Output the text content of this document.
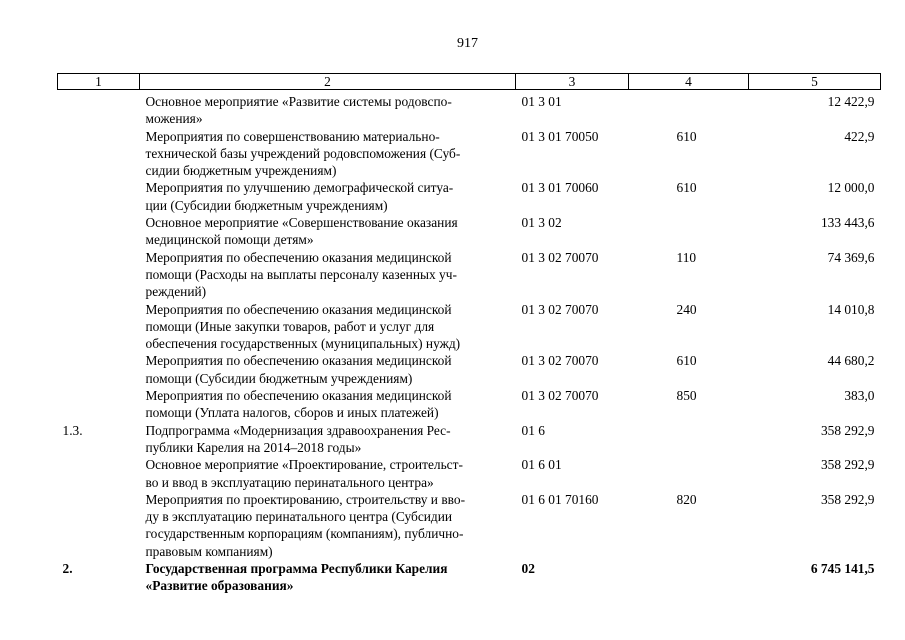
917
1	2	3	4	5
	Основное мероприятие «Развитие системы родовспо-
можения»	01 3 01		12 422,9
	Мероприятия по совершенствованию материально-
технической базы учреждений родовспоможения (Суб-
сидии бюджетным учреждениям)	01 3 01 70050	610	422,9
	Мероприятия по улучшению демографической ситуа-
ции (Субсидии бюджетным учреждениям)	01 3 01 70060	610	12 000,0
	Основное мероприятие «Совершенствование оказания
медицинской помощи детям»	01 3 02		133 443,6
	Мероприятия по обеспечению оказания медицинской
помощи (Расходы на выплаты персоналу казенных уч-
реждений)	01 3 02 70070	110	74 369,6
	Мероприятия по обеспечению оказания медицинской
помощи (Иные закупки товаров, работ и услуг для
обеспечения государственных (муниципальных) нужд)	01 3 02 70070	240	14 010,8
	Мероприятия по обеспечению оказания медицинской
помощи (Субсидии бюджетным учреждениям)	01 3 02 70070	610	44 680,2
	Мероприятия по обеспечению оказания медицинской
помощи (Уплата налогов, сборов и иных платежей)	01 3 02 70070	850	383,0
1.3.	Подпрограмма «Модернизация здравоохранения Рес-
публики Карелия на 2014–2018 годы»	01 6		358 292,9
	Основное мероприятие «Проектирование, строительст-
во и ввод в эксплуатацию перинатального центра»	01 6 01		358 292,9
	Мероприятия по проектированию, строительству и вво-
ду в эксплуатацию перинатального центра (Субсидии
государственным корпорациям (компаниям), публично-
правовым компаниям)	01 6 01 70160	820	358 292,9
2.	Государственная программа Республики Карелия
«Развитие образования»	02		6 745 141,5
